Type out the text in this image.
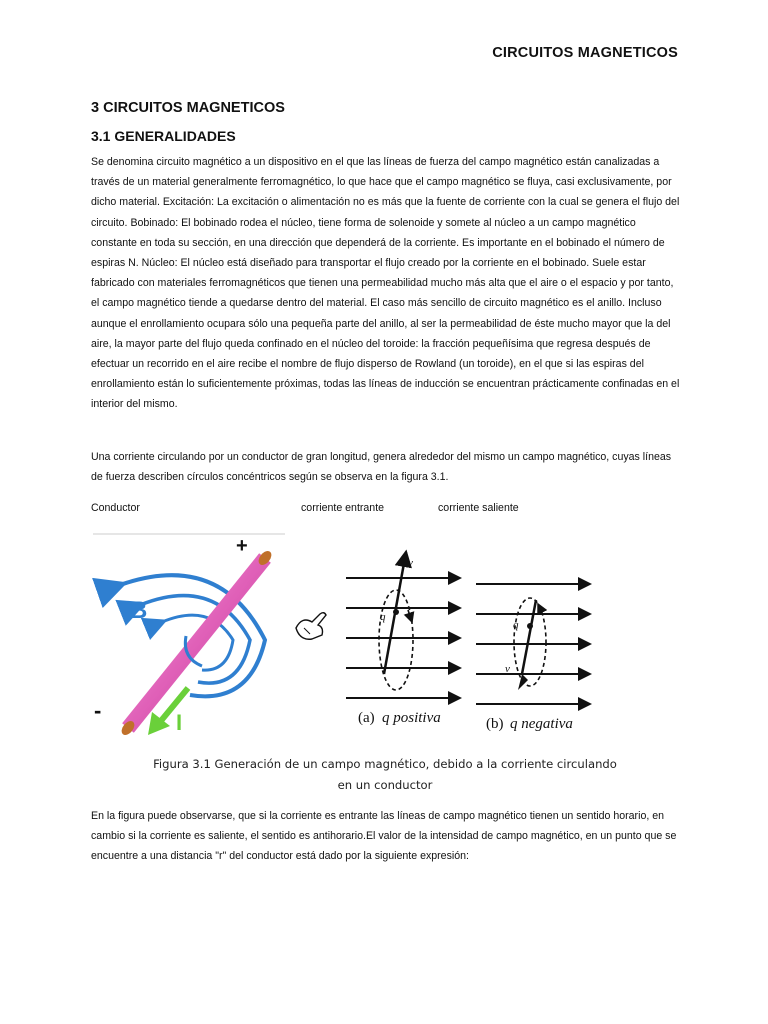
CIRCUITOS MAGNETICOS
3 CIRCUITOS MAGNETICOS
3.1 GENERALIDADES

Se denomina circuito magnético a un dispositivo en el que las líneas de fuerza del campo magnético están canalizadas a través de un material generalmente ferromagnético, lo que hace que el campo magnético se fluya, casi exclusivamente, por dicho material. Excitación: La excitación o alimentación no es más que la fuente de corriente con la cual se genera el flujo del circuito. Bobinado: El bobinado rodea el núcleo, tiene forma de solenoide y somete al núcleo a un campo magnético constante en toda su sección, en una dirección que dependerá de la corriente. Es importante en el bobinado el número de espiras N. Núcleo: El núcleo está diseñado para transportar el flujo creado por la corriente en el bobinado. Suele estar fabricado con materiales ferromagnéticos que tienen una permeabilidad mucho más alta que el aire o el espacio y por tanto, el campo magnético tiende a quedarse dentro del material. El caso más sencillo de circuito magnético es el anillo. Incluso aunque el enrollamiento ocupara sólo una pequeña parte del anillo, al ser la permeabilidad de éste mucho mayor que la del aire, la mayor parte del flujo queda confinado en el núcleo del toroide: la fracción pequeñísima que regresa después de efectuar un recorrido en el aire recibe el nombre de flujo disperso de Rowland (un toroide), en el que si las espiras del enrollamiento están lo suficientemente próximas, todas las líneas de inducción se encuentran prácticamente confinadas en el interior del mismo.

Una corriente circulando por un conductor de gran longitud, genera alrededor del mismo un campo magnético, cuyas líneas de fuerza describen círculos concéntricos según se observa en la figura 3.1.

Conductor	corriente entrante	corriente saliente
I
B
+
-
v
q
(a) q positiva
q
v
(b) q negativa
Figura 3.1 Generación de un campo magnético, debido a la corriente circulando
en un conductor

En la figura puede observarse, que si la corriente es entrante las líneas de campo magnético tienen un sentido horario, en cambio si la corriente es saliente, el sentido es antihorario.El valor de la intensidad de campo magnético, en un punto que se encuentre a una distancia "r" del conductor está dado por la siguiente expresión:
